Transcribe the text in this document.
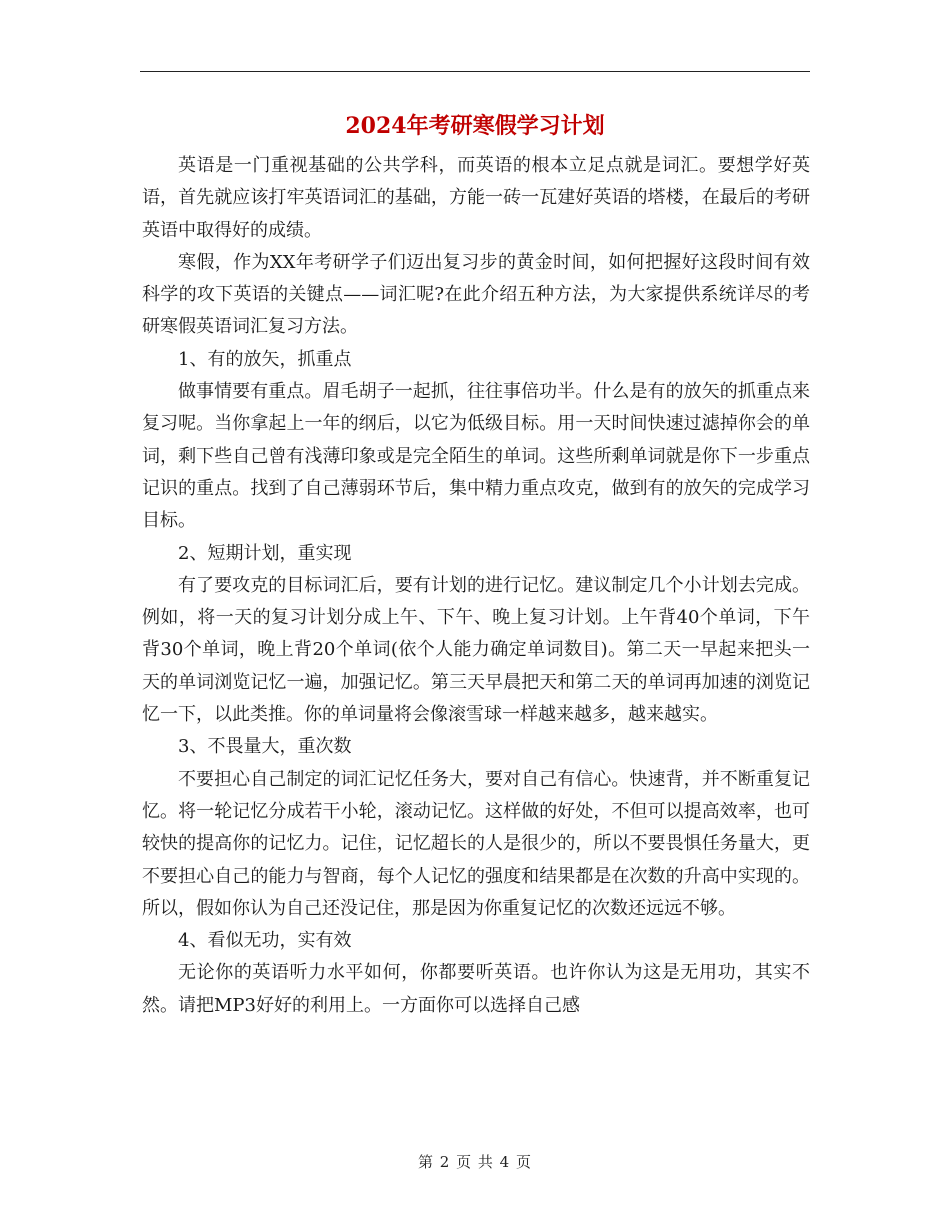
2024年考研寒假学习计划

英语是一门重视基础的公共学科，而英语的根本立足点就是词汇。要想学好英语，首先就应该打牢英语词汇的基础，方能一砖一瓦建好英语的塔楼，在最后的考研英语中取得好的成绩。

寒假，作为XX年考研学子们迈出复习步的黄金时间，如何把握好这段时间有效科学的攻下英语的关键点——词汇呢?在此介绍五种方法，为大家提供系统详尽的考研寒假英语词汇复习方法。

1、有的放矢，抓重点

做事情要有重点。眉毛胡子一起抓，往往事倍功半。什么是有的放矢的抓重点来复习呢。当你拿起上一年的纲后，以它为低级目标。用一天时间快速过滤掉你会的单词，剩下些自己曾有浅薄印象或是完全陌生的单词。这些所剩单词就是你下一步重点记识的重点。找到了自己薄弱环节后，集中精力重点攻克，做到有的放矢的完成学习目标。

2、短期计划，重实现

有了要攻克的目标词汇后，要有计划的进行记忆。建议制定几个小计划去完成。例如，将一天的复习计划分成上午、下午、晚上复习计划。上午背40个单词，下午背30个单词，晚上背20个单词(依个人能力确定单词数目)。第二天一早起来把头一天的单词浏览记忆一遍，加强记忆。第三天早晨把天和第二天的单词再加速的浏览记忆一下，以此类推。你的单词量将会像滚雪球一样越来越多，越来越实。

3、不畏量大，重次数

不要担心自己制定的词汇记忆任务大，要对自己有信心。快速背，并不断重复记忆。将一轮记忆分成若干小轮，滚动记忆。这样做的好处，不但可以提高效率，也可较快的提高你的记忆力。记住，记忆超长的人是很少的，所以不要畏惧任务量大，更不要担心自己的能力与智商，每个人记忆的强度和结果都是在次数的升高中实现的。所以，假如你认为自己还没记住，那是因为你重复记忆的次数还远远不够。

4、看似无功，实有效

无论你的英语听力水平如何，你都要听英语。也许你认为这是无用功，其实不然。请把MP3好好的利用上。一方面你可以选择自己感

第 2 页 共 4 页
